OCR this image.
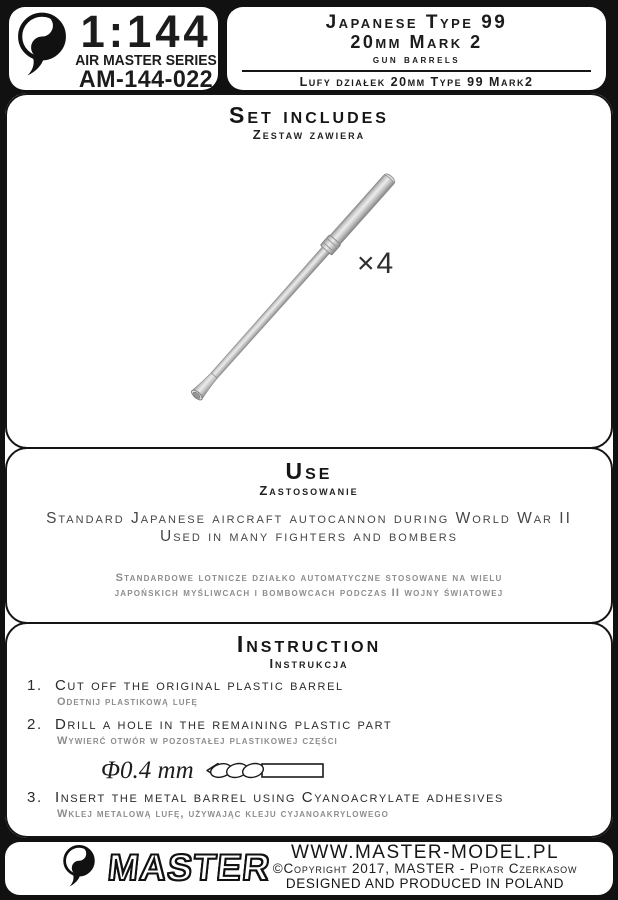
1:144
AIR MASTER SERIES
AM-144-022
Japanese Type 99
20mm Mark 2
gun barrels
Lufy działek 20mm Type 99 Mark2
Set includes
Zestaw zawiera
×4
Use
Zastosowanie
Standard Japanese aircraft autocannon during World War II
Used in many fighters and bombers
Standardowe lotnicze działko automatyczne stosowane na wielu
japońskich myśliwcach i bombowcach podczas II wojny światowej
Instruction
Instrukcja
1. Cut off the original plastic barrel
Odetnij plastikową lufę
2. Drill a hole in the remaining plastic part
Wywierć otwór w pozostałej plastikowej części
Φ0.4 mm
3. Insert the metal barrel using Cyanoacrylate adhesives
Wklej metalową lufę, używając kleju cyjanoakrylowego
MASTER WWW.MASTER-MODEL.PL
©Copyright 2017, MASTER - Piotr Czerkasow
DESIGNED AND PRODUCED IN POLAND
